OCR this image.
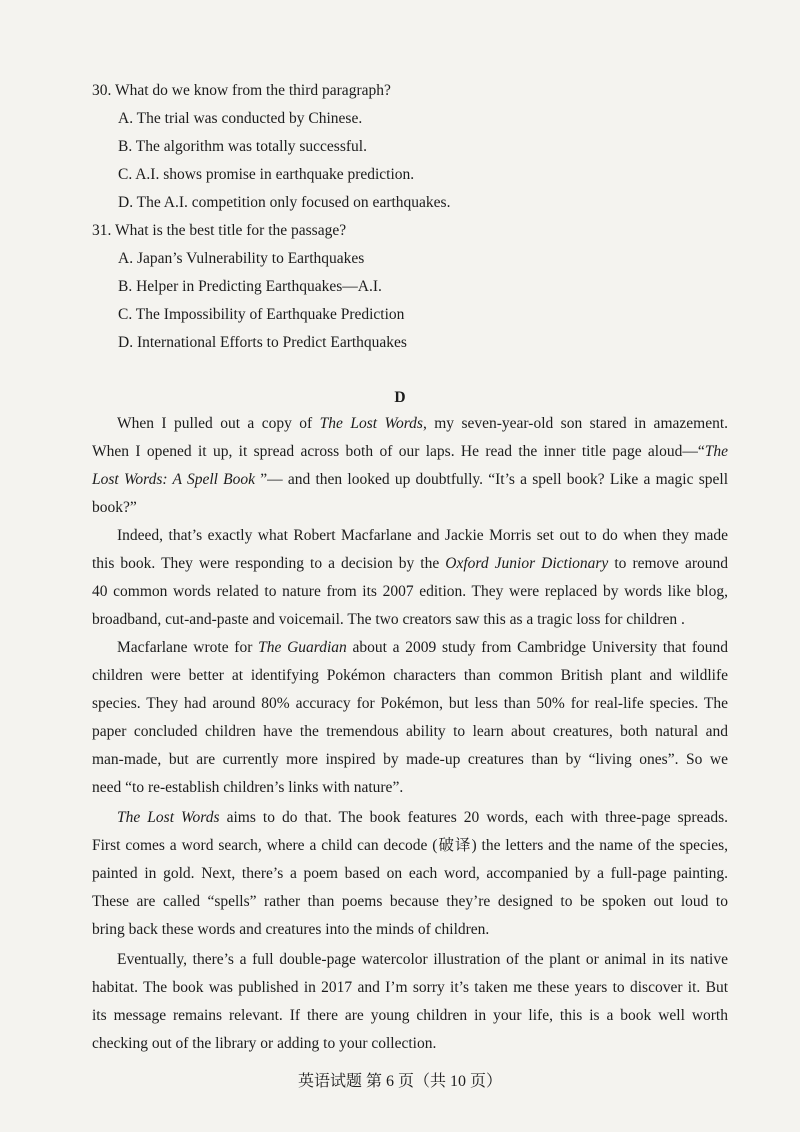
30. What do we know from the third paragraph?
A. The trial was conducted by Chinese.
B. The algorithm was totally successful.
C. A.I. shows promise in earthquake prediction.
D. The A.I. competition only focused on earthquakes.
31. What is the best title for the passage?
A. Japan’s Vulnerability to Earthquakes
B. Helper in Predicting Earthquakes—A.I.
C. The Impossibility of Earthquake Prediction
D. International Efforts to Predict Earthquakes
D
When I pulled out a copy of The Lost Words, my seven-year-old son stared in amazement.
When I opened it up, it spread across both of our laps. He read the inner title page aloud—“The
Lost Words: A Spell Book ”— and then looked up doubtfully. “It’s a spell book? Like a magic spell
book?”
Indeed, that’s exactly what Robert Macfarlane and Jackie Morris set out to do when they made
this book. They were responding to a decision by the Oxford Junior Dictionary to remove around
40 common words related to nature from its 2007 edition. They were replaced by words like blog,
broadband, cut-and-paste and voicemail. The two creators saw this as a tragic loss for children .
Macfarlane wrote for The Guardian about a 2009 study from Cambridge University that found
children were better at identifying Pokémon characters than common British plant and wildlife
species. They had around 80% accuracy for Pokémon, but less than 50% for real-life species. The
paper concluded children have the tremendous ability to learn about creatures, both natural and
man-made, but are currently more inspired by made-up creatures than by “living ones”. So we
need “to re-establish children’s links with nature”.
The Lost Words aims to do that. The book features 20 words, each with three-page spreads.
First comes a word search, where a child can decode (破译) the letters and the name of the species,
painted in gold. Next, there’s a poem based on each word, accompanied by a full-page painting.
These are called “spells” rather than poems because they’re designed to be spoken out loud to
bring back these words and creatures into the minds of children.
Eventually, there’s a full double-page watercolor illustration of the plant or animal in its native
habitat. The book was published in 2017 and I’m sorry it’s taken me these years to discover it. But
its message remains relevant. If there are young children in your life, this is a book well worth
checking out of the library or adding to your collection.
英语试题 第 6 页（共 10 页）
